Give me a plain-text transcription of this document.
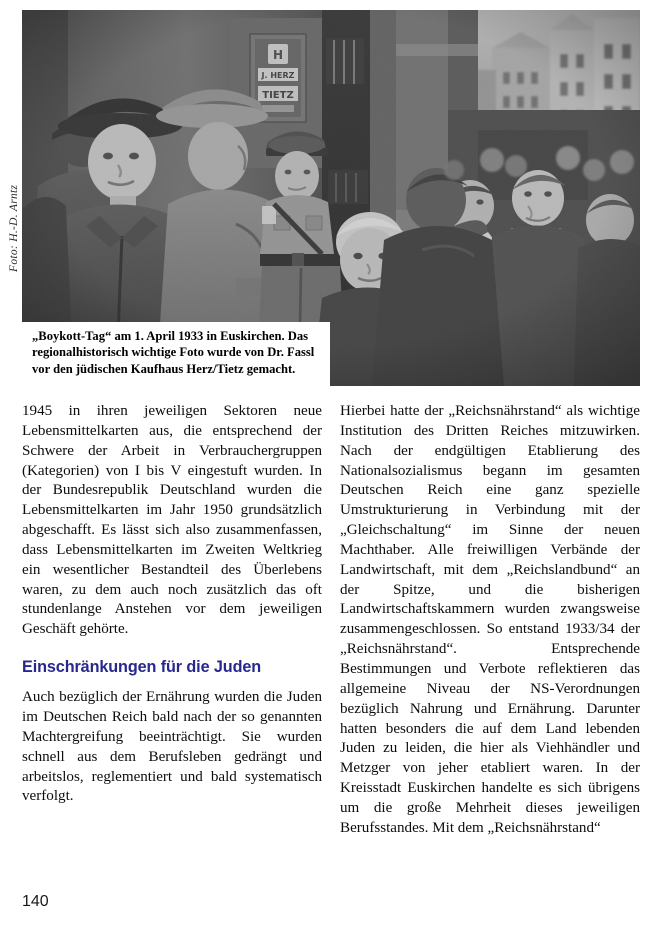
Foto: H.-D. Arntz

„Boykott-Tag“ am 1. April 1933 in Euskirchen. Das regionalhistorisch wichtige Foto wurde von Dr. Fassl vor den jüdischen Kaufhaus Herz/Tietz gemacht.

1945 in ihren jeweiligen Sektoren neue Lebensmittelkarten aus, die entsprechend der Schwere der Arbeit in Verbrauchergruppen (Kategorien) von I bis V eingestuft wurden. In der Bundesrepublik Deutschland wurden die Lebensmittelkarten im Jahr 1950 grundsätzlich abgeschafft. Es lässt sich also zusammenfassen, dass Lebensmittelkarten im Zweiten Weltkrieg ein wesentlicher Bestandteil des Überlebens waren, zu dem auch noch zusätzlich das oft stundenlange Anstehen vor dem jeweiligen Geschäft gehörte.

Einschränkungen für die Juden

Auch bezüglich der Ernährung wurden die Juden im Deutschen Reich bald nach der so genannten Machtergreifung beeinträchtigt. Sie wurden schnell aus dem Berufsleben gedrängt und arbeitslos, reglementiert und bald systematisch verfolgt.

Hierbei hatte der „Reichsnährstand“ als wichtige Institution des Dritten Reiches mitzuwirken. Nach der endgültigen Etablierung des Nationalsozialismus begann im gesamten Deutschen Reich eine ganz spezielle Umstrukturierung in Verbindung mit der „Gleichschaltung“ im Sinne der neuen Machthaber. Alle freiwilligen Verbände der Landwirtschaft, mit dem „Reichslandbund“ an der Spitze, und die bisherigen Landwirtschaftskammern wurden zwangsweise zusammengeschlossen. So entstand 1933/34 der „Reichsnährstand“. Entsprechende Bestimmungen und Verbote reflektieren das allgemeine Niveau der NS-Verordnungen bezüglich Nahrung und Ernährung. Darunter hatten besonders die auf dem Land lebenden Juden zu leiden, die hier als Viehhändler und Metzger von jeher etabliert waren. In der Kreisstadt Euskirchen handelte es sich übrigens um die große Mehrheit dieses jeweiligen Berufsstandes. Mit dem „Reichsnährstand“

140
